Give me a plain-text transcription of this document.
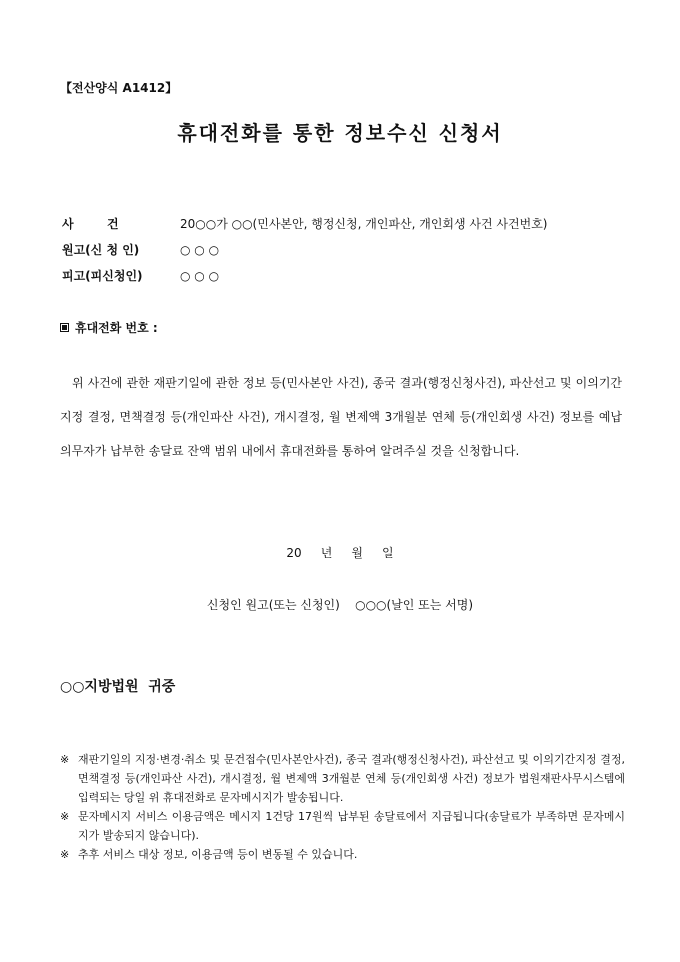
【전산양식 A1412】
휴대전화를 통한 정보수신 신청서
사        건	20○○가 ○○(민사본안, 행정신청, 개인파산, 개인회생 사건 사건번호)
원고(신 청 인)	○ ○ ○
피고(피신청인)	○ ○ ○
휴대전화 번호 :
위 사건에 관한 재판기일에 관한 정보 등(민사본안 사건), 종국 결과(행정신청사건), 파산선고 및 이의기간지정 결정, 면책결정 등(개인파산 사건), 개시결정, 월 변제액 3개월분 연체 등(개인회생 사건) 정보를 예납의무자가 납부한 송달료 잔액 범위 내에서 휴대전화를 통하여 알려주실 것을 신청합니다.
20     년     월     일
신청인 원고(또는 신청인)    ○○○(날인 또는 서명)
○○지방법원  귀중
※ 재판기일의 지정·변경·취소 및 문건접수(민사본안사건), 종국 결과(행정신청사건), 파산선고 및 이의기간지정 결정, 면책결정 등(개인파산 사건), 개시결정, 월 변제액 3개월분 연체 등(개인회생 사건) 정보가 법원재판사무시스템에 입력되는 당일 위 휴대전화로 문자메시지가 발송됩니다.
※ 문자메시지 서비스 이용금액은 메시지 1건당 17원씩 납부된 송달료에서 지급됩니다(송달료가 부족하면 문자메시지가 발송되지 않습니다).
※ 추후 서비스 대상 정보, 이용금액 등이 변동될 수 있습니다.
